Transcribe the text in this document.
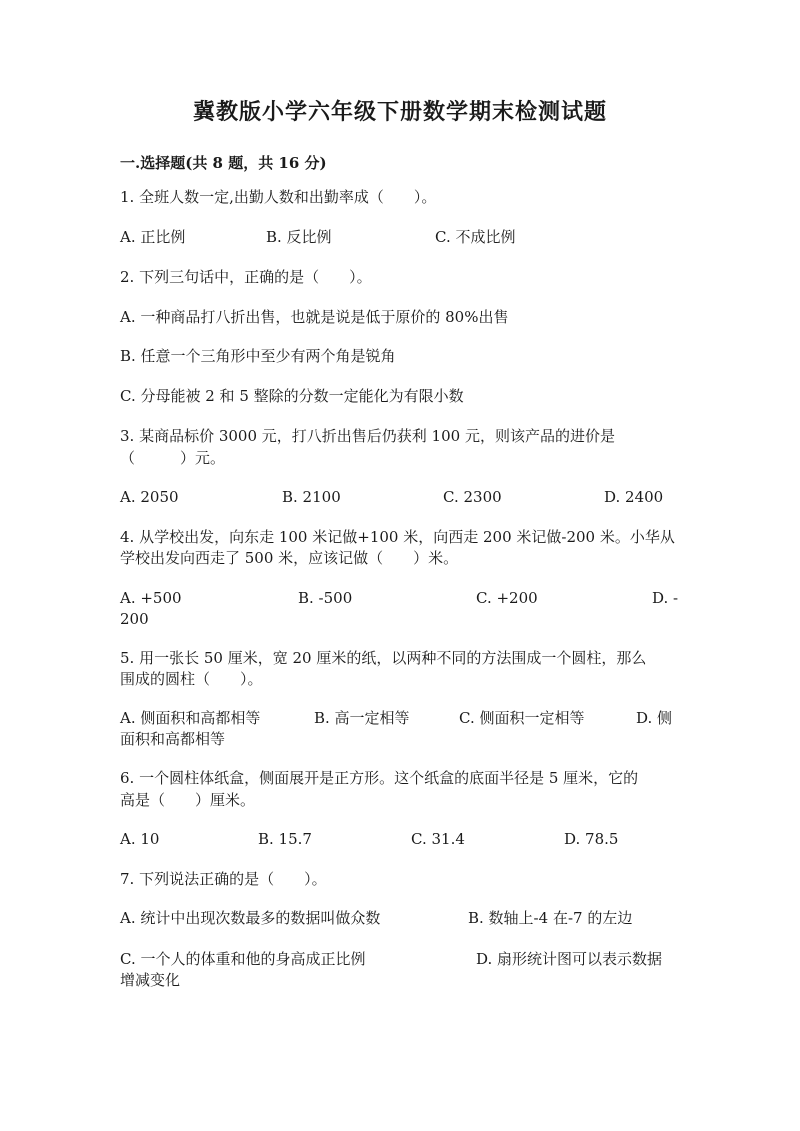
冀教版小学六年级下册数学期末检测试题
一.选择题(共 8 题，共 16 分)
1. 全班人数一定,出勤人数和出勤率成（　　）。
A. 正比例	B. 反比例	C. 不成比例
2. 下列三句话中，正确的是（　　）。
A. 一种商品打八折出售，也就是说是低于原价的 80%出售
B. 任意一个三角形中至少有两个角是锐角
C. 分母能被 2 和 5 整除的分数一定能化为有限小数
3. 某商品标价 3000 元，打八折出售后仍获利 100 元，则该产品的进价是
（　　　）元。
A. 2050	B. 2100	C. 2300	D. 2400
4. 从学校出发，向东走 100 米记做+100 米，向西走 200 米记做-200 米。小华从
学校出发向西走了 500 米，应该记做（　　）米。
A. +500	B. -500	C. +200	D. -
200
5. 用一张长 50 厘米，宽 20 厘米的纸，以两种不同的方法围成一个圆柱，那么
围成的圆柱（　　）。
A. 侧面积和高都相等	B. 高一定相等	C. 侧面积一定相等	D. 侧
面积和高都相等
6. 一个圆柱体纸盒，侧面展开是正方形。这个纸盒的底面半径是 5 厘米，它的
高是（　　）厘米。
A. 10	B. 15.7	C. 31.4	D. 78.5
7. 下列说法正确的是（　　）。
A. 统计中出现次数最多的数据叫做众数	B. 数轴上-4 在-7 的左边
C. 一个人的体重和他的身高成正比例	D. 扇形统计图可以表示数据
增减变化
